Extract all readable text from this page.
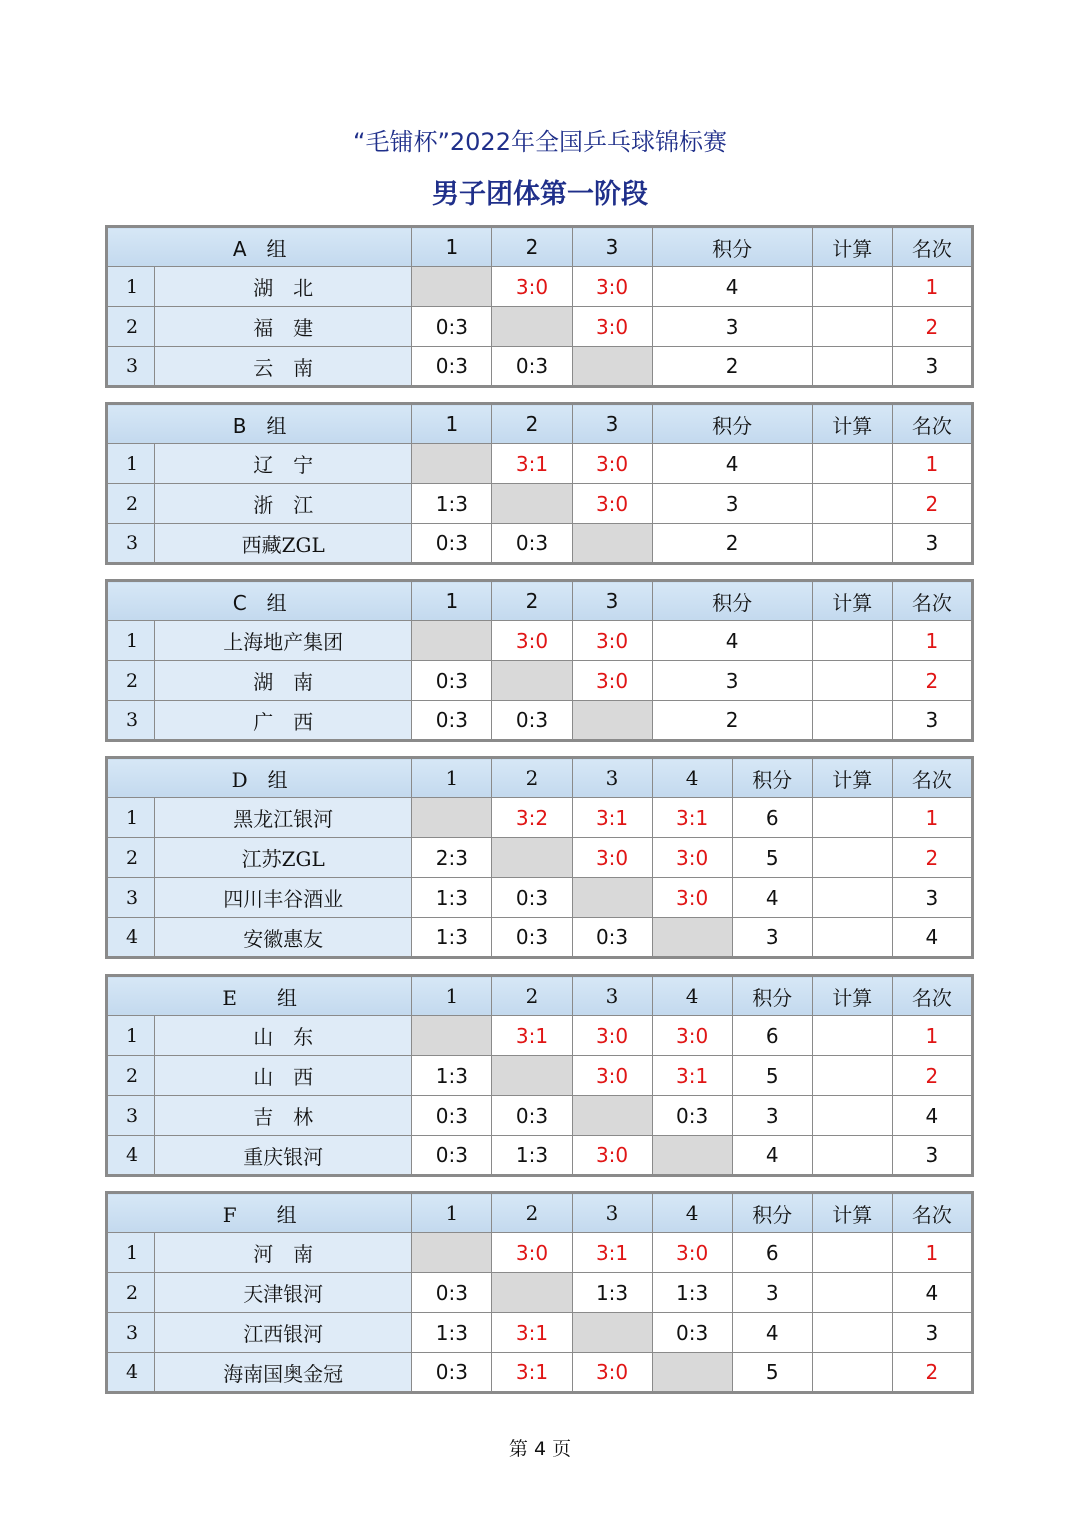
“毛铺杯”2022年全国乒乓球锦标赛
男子团体第一阶段
A　组		1	2	3	积分	计算	名次
1	湖　北		3:0	3:0	4		1
2	福　建	0:3		3:0	3		2
3	云　南	0:3	0:3		2		3
B　组		1	2	3	积分	计算	名次
1	辽　宁		3:1	3:0	4		1
2	浙　江	1:3		3:0	3		2
3	西藏ZGL	0:3	0:3		2		3
C　组		1	2	3	积分	计算	名次
1	上海地产集团		3:0	3:0	4		1
2	湖　南	0:3		3:0	3		2
3	广　西	0:3	0:3		2		3
D　组		1	2	3	4	积分	计算	名次
1	黑龙江银河		3:2	3:1	3:1	6		1
2	江苏ZGL	2:3		3:0	3:0	5		2
3	四川丰谷酒业	1:3	0:3		3:0	4		3
4	安徽惠友	1:3	0:3	0:3		3		4
E　　组		1	2	3	4	积分	计算	名次
1	山　东		3:1	3:0	3:0	6		1
2	山　西	1:3		3:0	3:1	5		2
3	吉　林	0:3	0:3		0:3	3		4
4	重庆银河	0:3	1:3	3:0		4		3
F　　组		1	2	3	4	积分	计算	名次
1	河　南		3:0	3:1	3:0	6		1
2	天津银河	0:3		1:3	1:3	3		4
3	江西银河	1:3	3:1		0:3	4		3
4	海南国奥金冠	0:3	3:1	3:0		5		2
第 4 页
